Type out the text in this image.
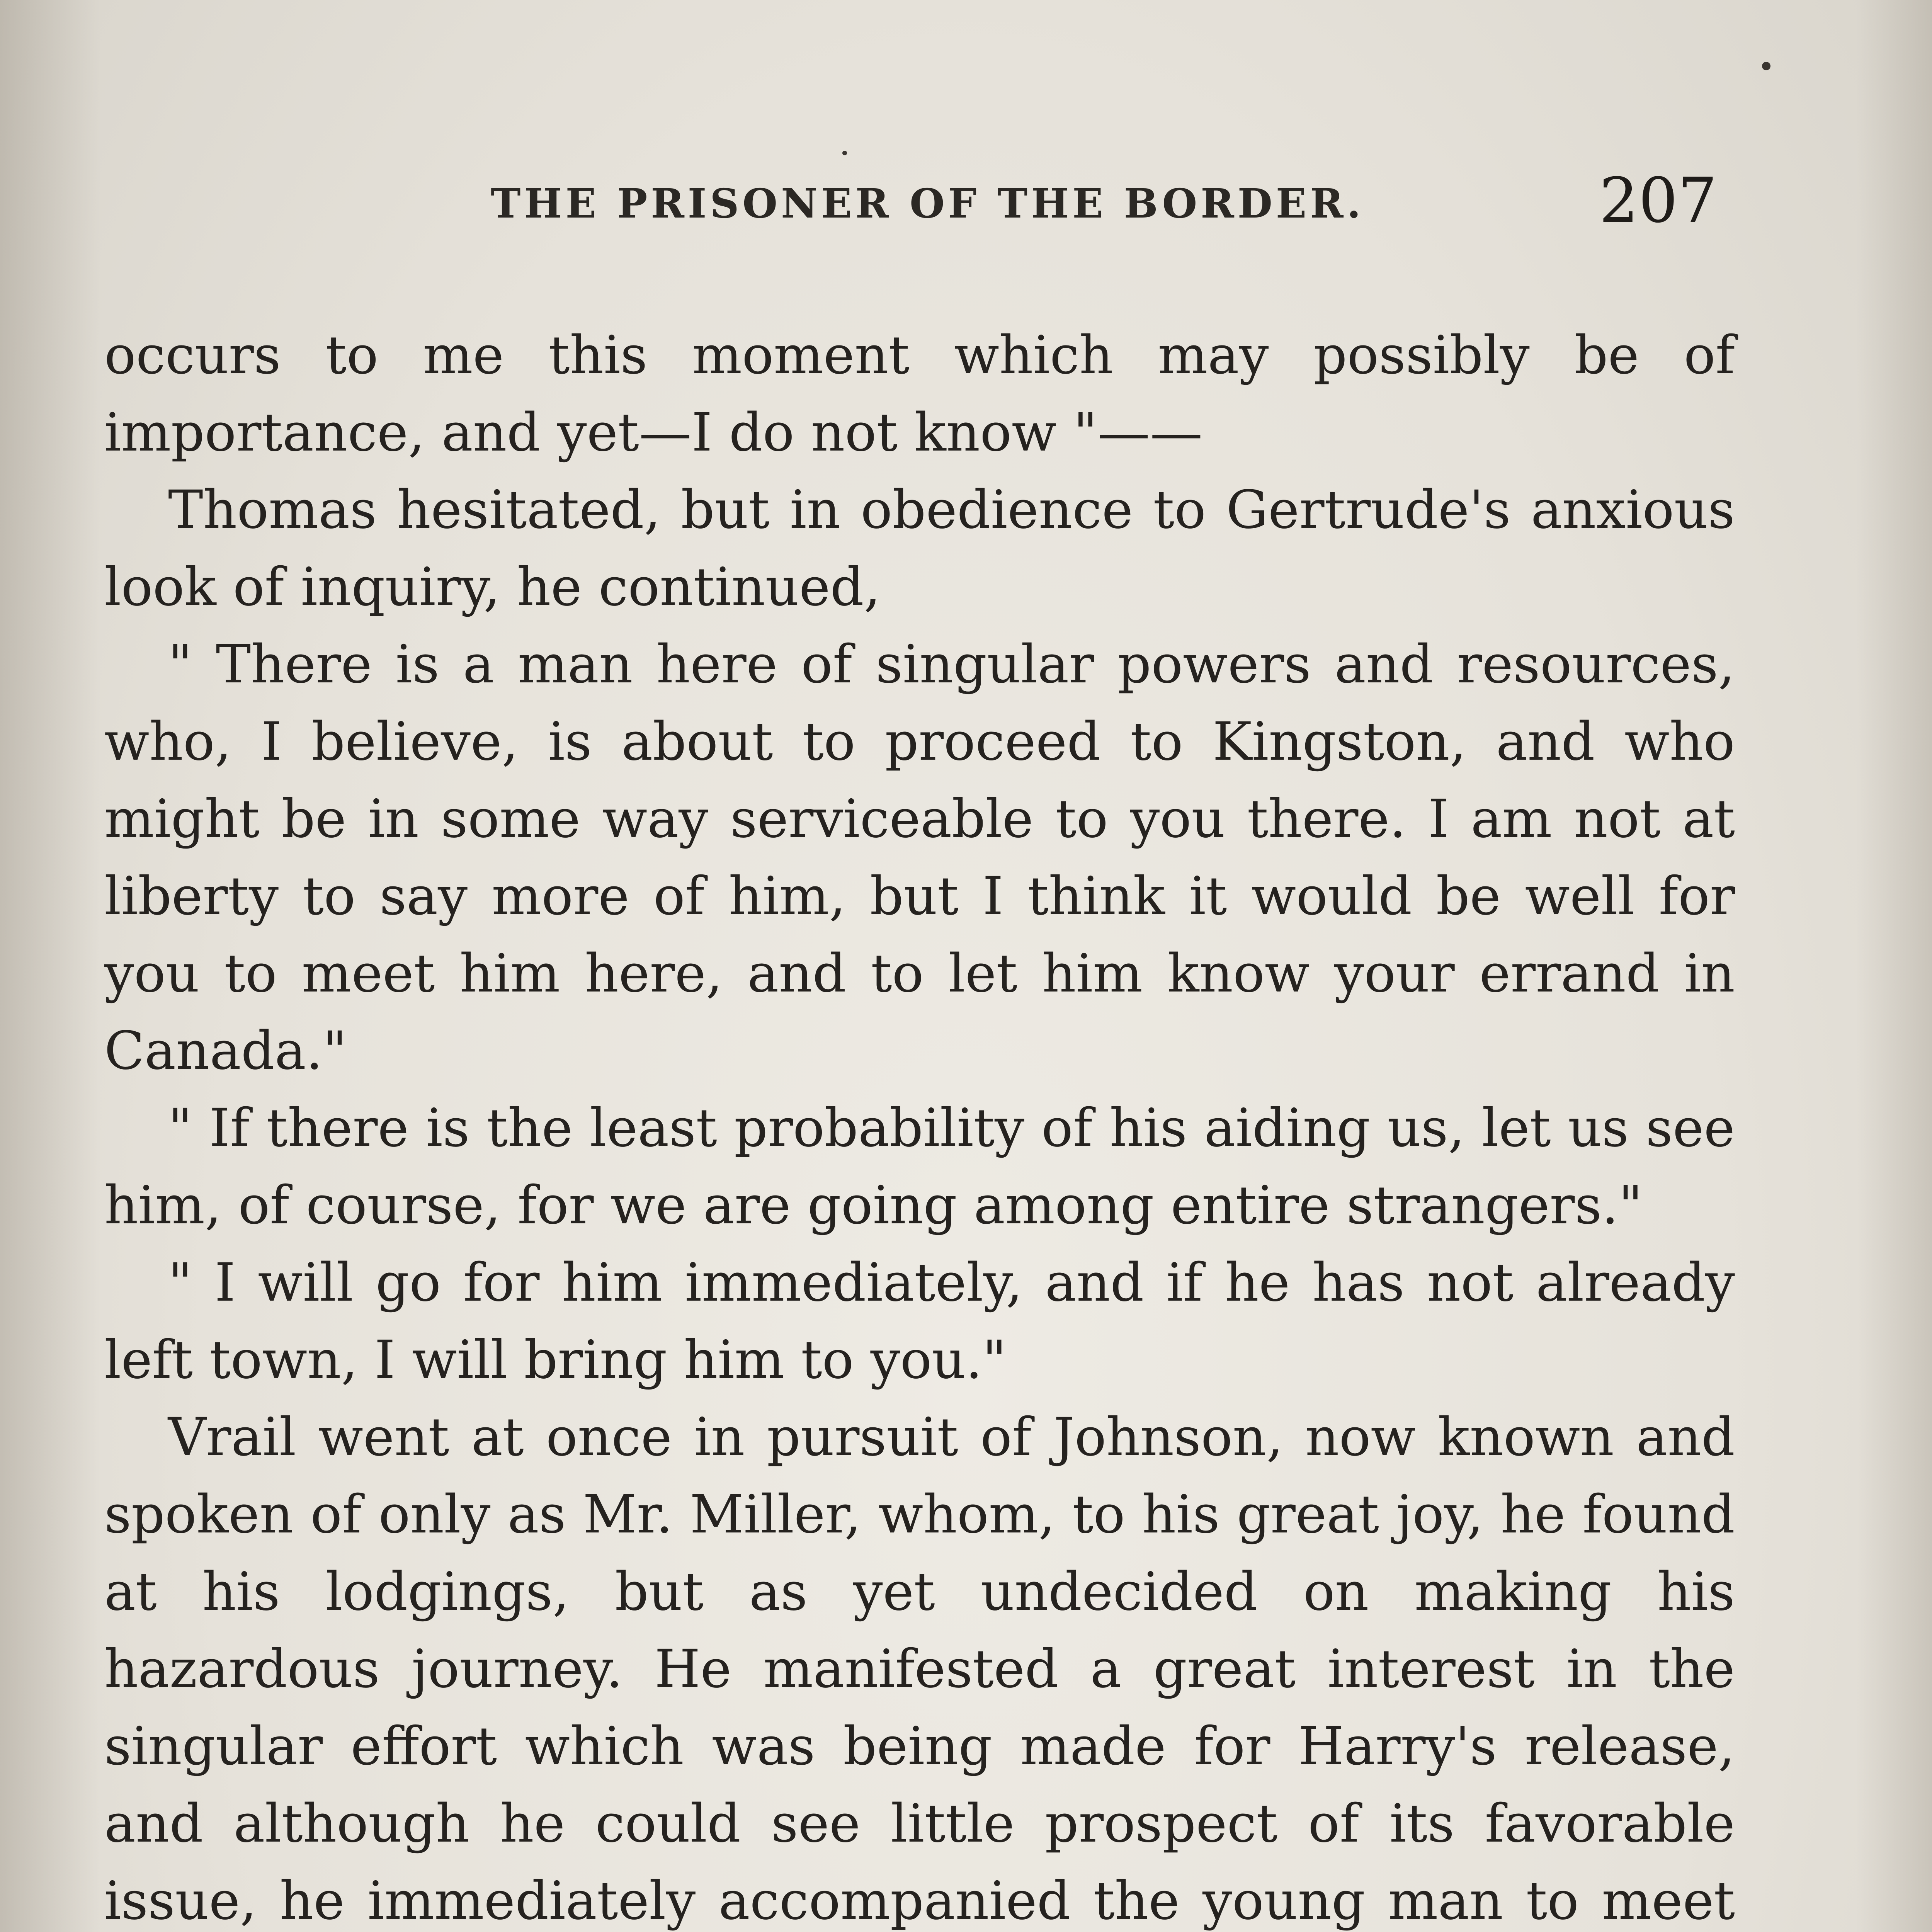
THE PRISONER OF THE BORDER.	207

occurs to me this moment which may possibly be of importance, and yet—I do not know "——

Thomas hesitated, but in obedience to Gertrude's anxious look of inquiry, he continued,

" There is a man here of singular powers and resources, who, I believe, is about to proceed to Kingston, and who might be in some way serviceable to you there. I am not at liberty to say more of him, but I think it would be well for you to meet him here, and to let him know your errand in Canada."

" If there is the least probability of his aiding us, let us see him, of course, for we are going among entire strangers."

" I will go for him immediately, and if he has not already left town, I will bring him to you."

Vrail went at once in pursuit of Johnson, now known and spoken of only as Mr. Miller, whom, to his great joy, he found at his lodgings, but as yet undecided on making his hazardous journey. He manifested a great interest in the singular effort which was being made for Harry's release, and although he could see little prospect of its favorable issue, he immediately accompanied the young man to meet
